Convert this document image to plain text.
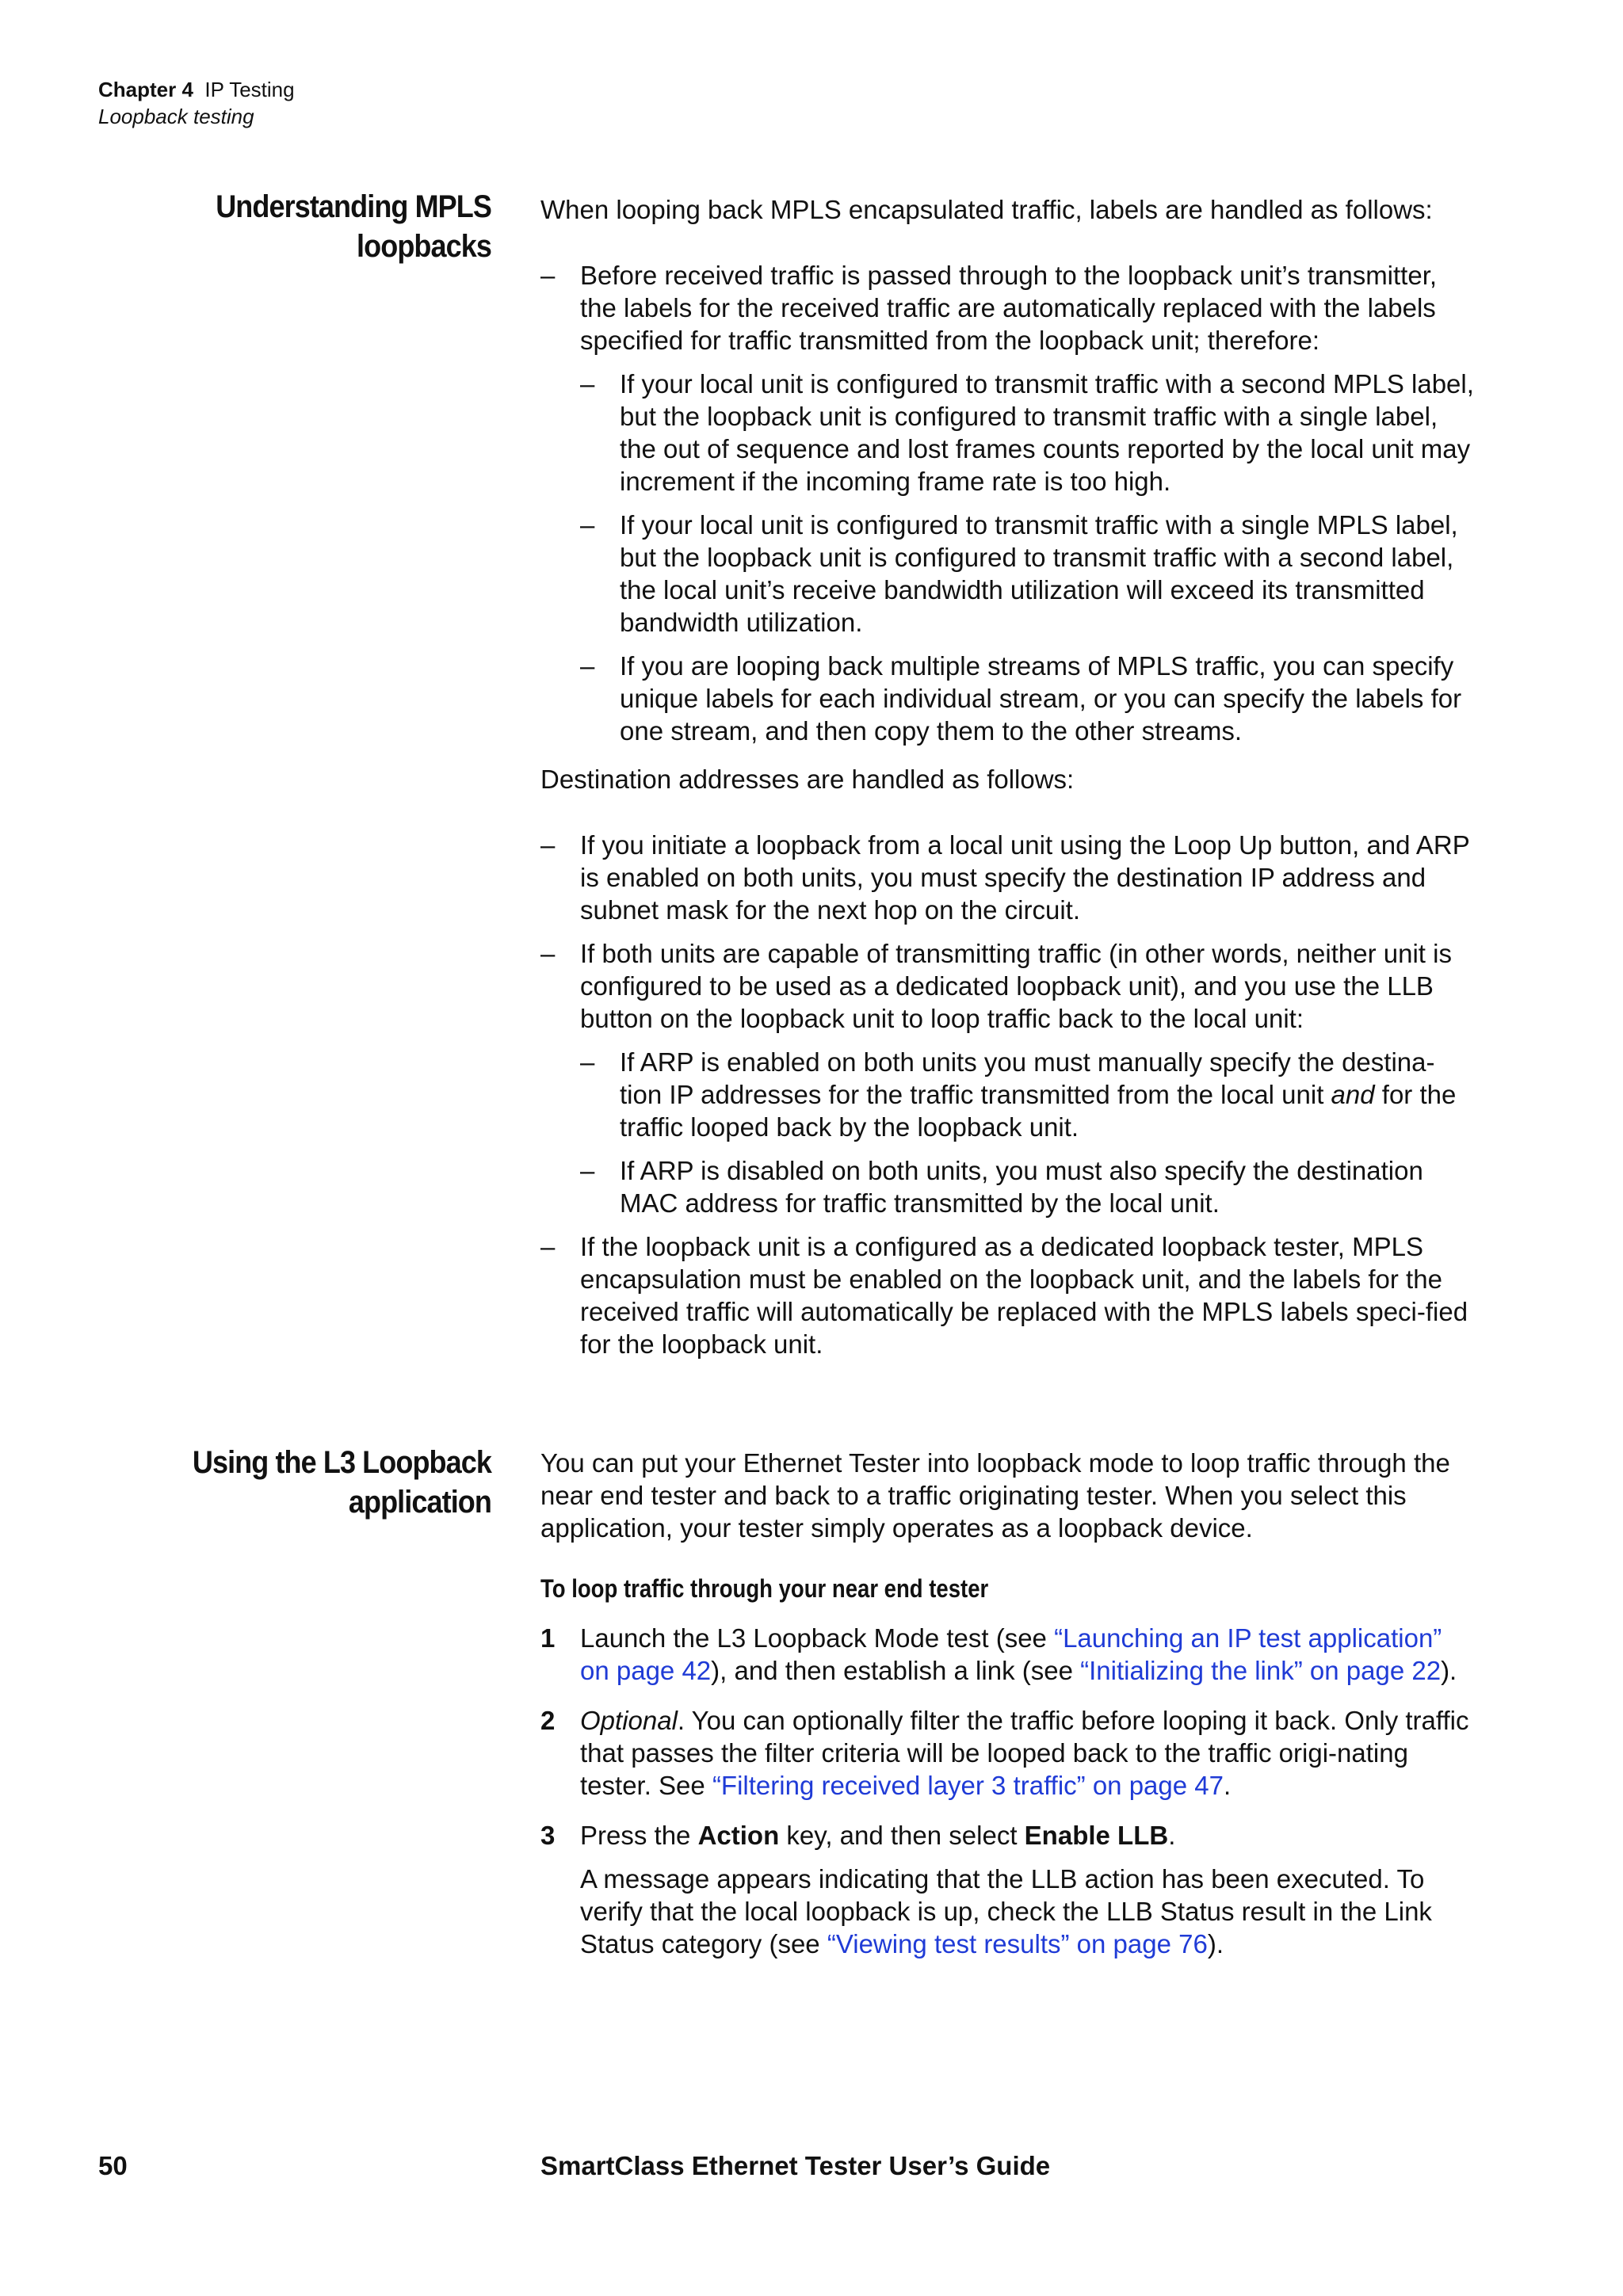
Chapter 4 IP Testing
Loopback testing
Understanding MPLS
loopbacks

When looping back MPLS encapsulated traffic, labels are handled as follows:

– Before received traffic is passed through to the loopback unit’s transmitter, the labels for the received traffic are automatically replaced with the labels specified for traffic transmitted from the loopback unit; therefore:
– If your local unit is configured to transmit traffic with a second MPLS label, but the loopback unit is configured to transmit traffic with a single label, the out of sequence and lost frames counts reported by the local unit may increment if the incoming frame rate is too high.
– If your local unit is configured to transmit traffic with a single MPLS label, but the loopback unit is configured to transmit traffic with a second label, the local unit’s receive bandwidth utilization will exceed its transmitted bandwidth utilization.
– If you are looping back multiple streams of MPLS traffic, you can specify unique labels for each individual stream, or you can specify the labels for one stream, and then copy them to the other streams.

Destination addresses are handled as follows:

– If you initiate a loopback from a local unit using the Loop Up button, and ARP is enabled on both units, you must specify the destination IP address and subnet mask for the next hop on the circuit.
– If both units are capable of transmitting traffic (in other words, neither unit is configured to be used as a dedicated loopback unit), and you use the LLB button on the loopback unit to loop traffic back to the local unit:
– If ARP is enabled on both units you must manually specify the destina-tion IP addresses for the traffic transmitted from the local unit and for the traffic looped back by the loopback unit.
– If ARP is disabled on both units, you must also specify the destination MAC address for traffic transmitted by the local unit.
– If the loopback unit is a configured as a dedicated loopback tester, MPLS encapsulation must be enabled on the loopback unit, and the labels for the received traffic will automatically be replaced with the MPLS labels speci-fied for the loopback unit.
Using the L3 Loopback
application

You can put your Ethernet Tester into loopback mode to loop traffic through the near end tester and back to a traffic originating tester. When you select this application, your tester simply operates as a loopback device.

To loop traffic through your near end tester
1 Launch the L3 Loopback Mode test (see “Launching an IP test application” on page 42), and then establish a link (see “Initializing the link” on page 22).
2 Optional. You can optionally filter the traffic before looping it back. Only traffic that passes the filter criteria will be looped back to the traffic origi-nating tester. See “Filtering received layer 3 traffic” on page 47.
3 Press the Action key, and then select Enable LLB.
A message appears indicating that the LLB action has been executed. To verify that the local loopback is up, check the LLB Status result in the Link Status category (see “Viewing test results” on page 76).
50	SmartClass Ethernet Tester User’s Guide
